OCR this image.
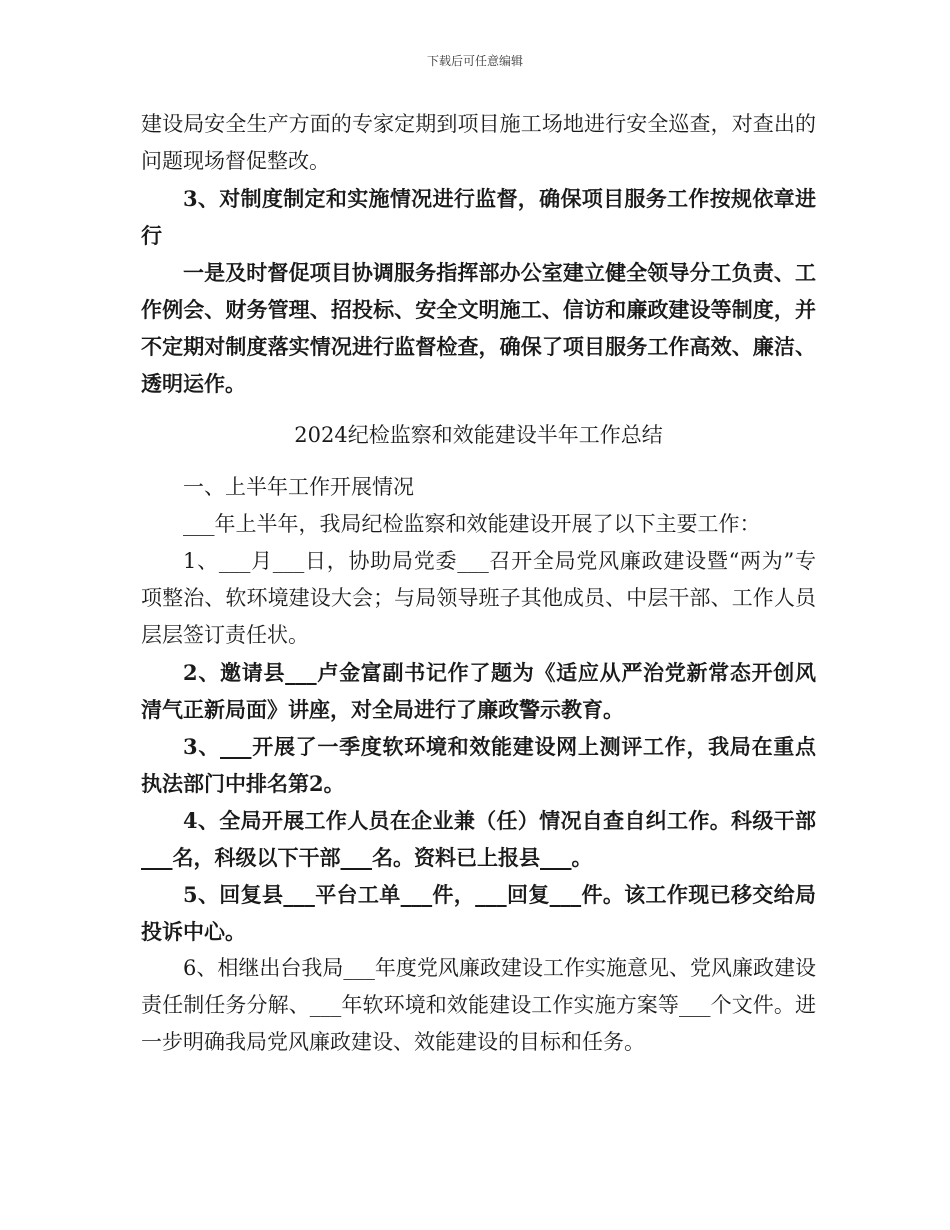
下载后可任意编辑

建设局安全生产方面的专家定期到项目施工场地进行安全巡查，对查出的问题现场督促整改。

3、对制度制定和实施情况进行监督，确保项目服务工作按规依章进行

一是及时督促项目协调服务指挥部办公室建立健全领导分工负责、工作例会、财务管理、招投标、安全文明施工、信访和廉政建设等制度，并不定期对制度落实情况进行监督检查，确保了项目服务工作高效、廉洁、透明运作。

2024纪检监察和效能建设半年工作总结

一、上半年工作开展情况

___年上半年，我局纪检监察和效能建设开展了以下主要工作：

1、___月___日，协助局党委___召开全局党风廉政建设暨“两为”专项整治、软环境建设大会；与局领导班子其他成员、中层干部、工作人员层层签订责任状。

2、邀请县___卢金富副书记作了题为《适应从严治党新常态开创风清气正新局面》讲座，对全局进行了廉政警示教育。

3、___开展了一季度软环境和效能建设网上测评工作，我局在重点执法部门中排名第2。

4、全局开展工作人员在企业兼（任）情况自查自纠工作。科级干部___名，科级以下干部___名。资料已上报县___。

5、回复县___平台工单___件，___回复___件。该工作现已移交给局投诉中心。

6、相继出台我局___年度党风廉政建设工作实施意见、党风廉政建设责任制任务分解、___年软环境和效能建设工作实施方案等___个文件。进一步明确我局党风廉政建设、效能建设的目标和任务。
